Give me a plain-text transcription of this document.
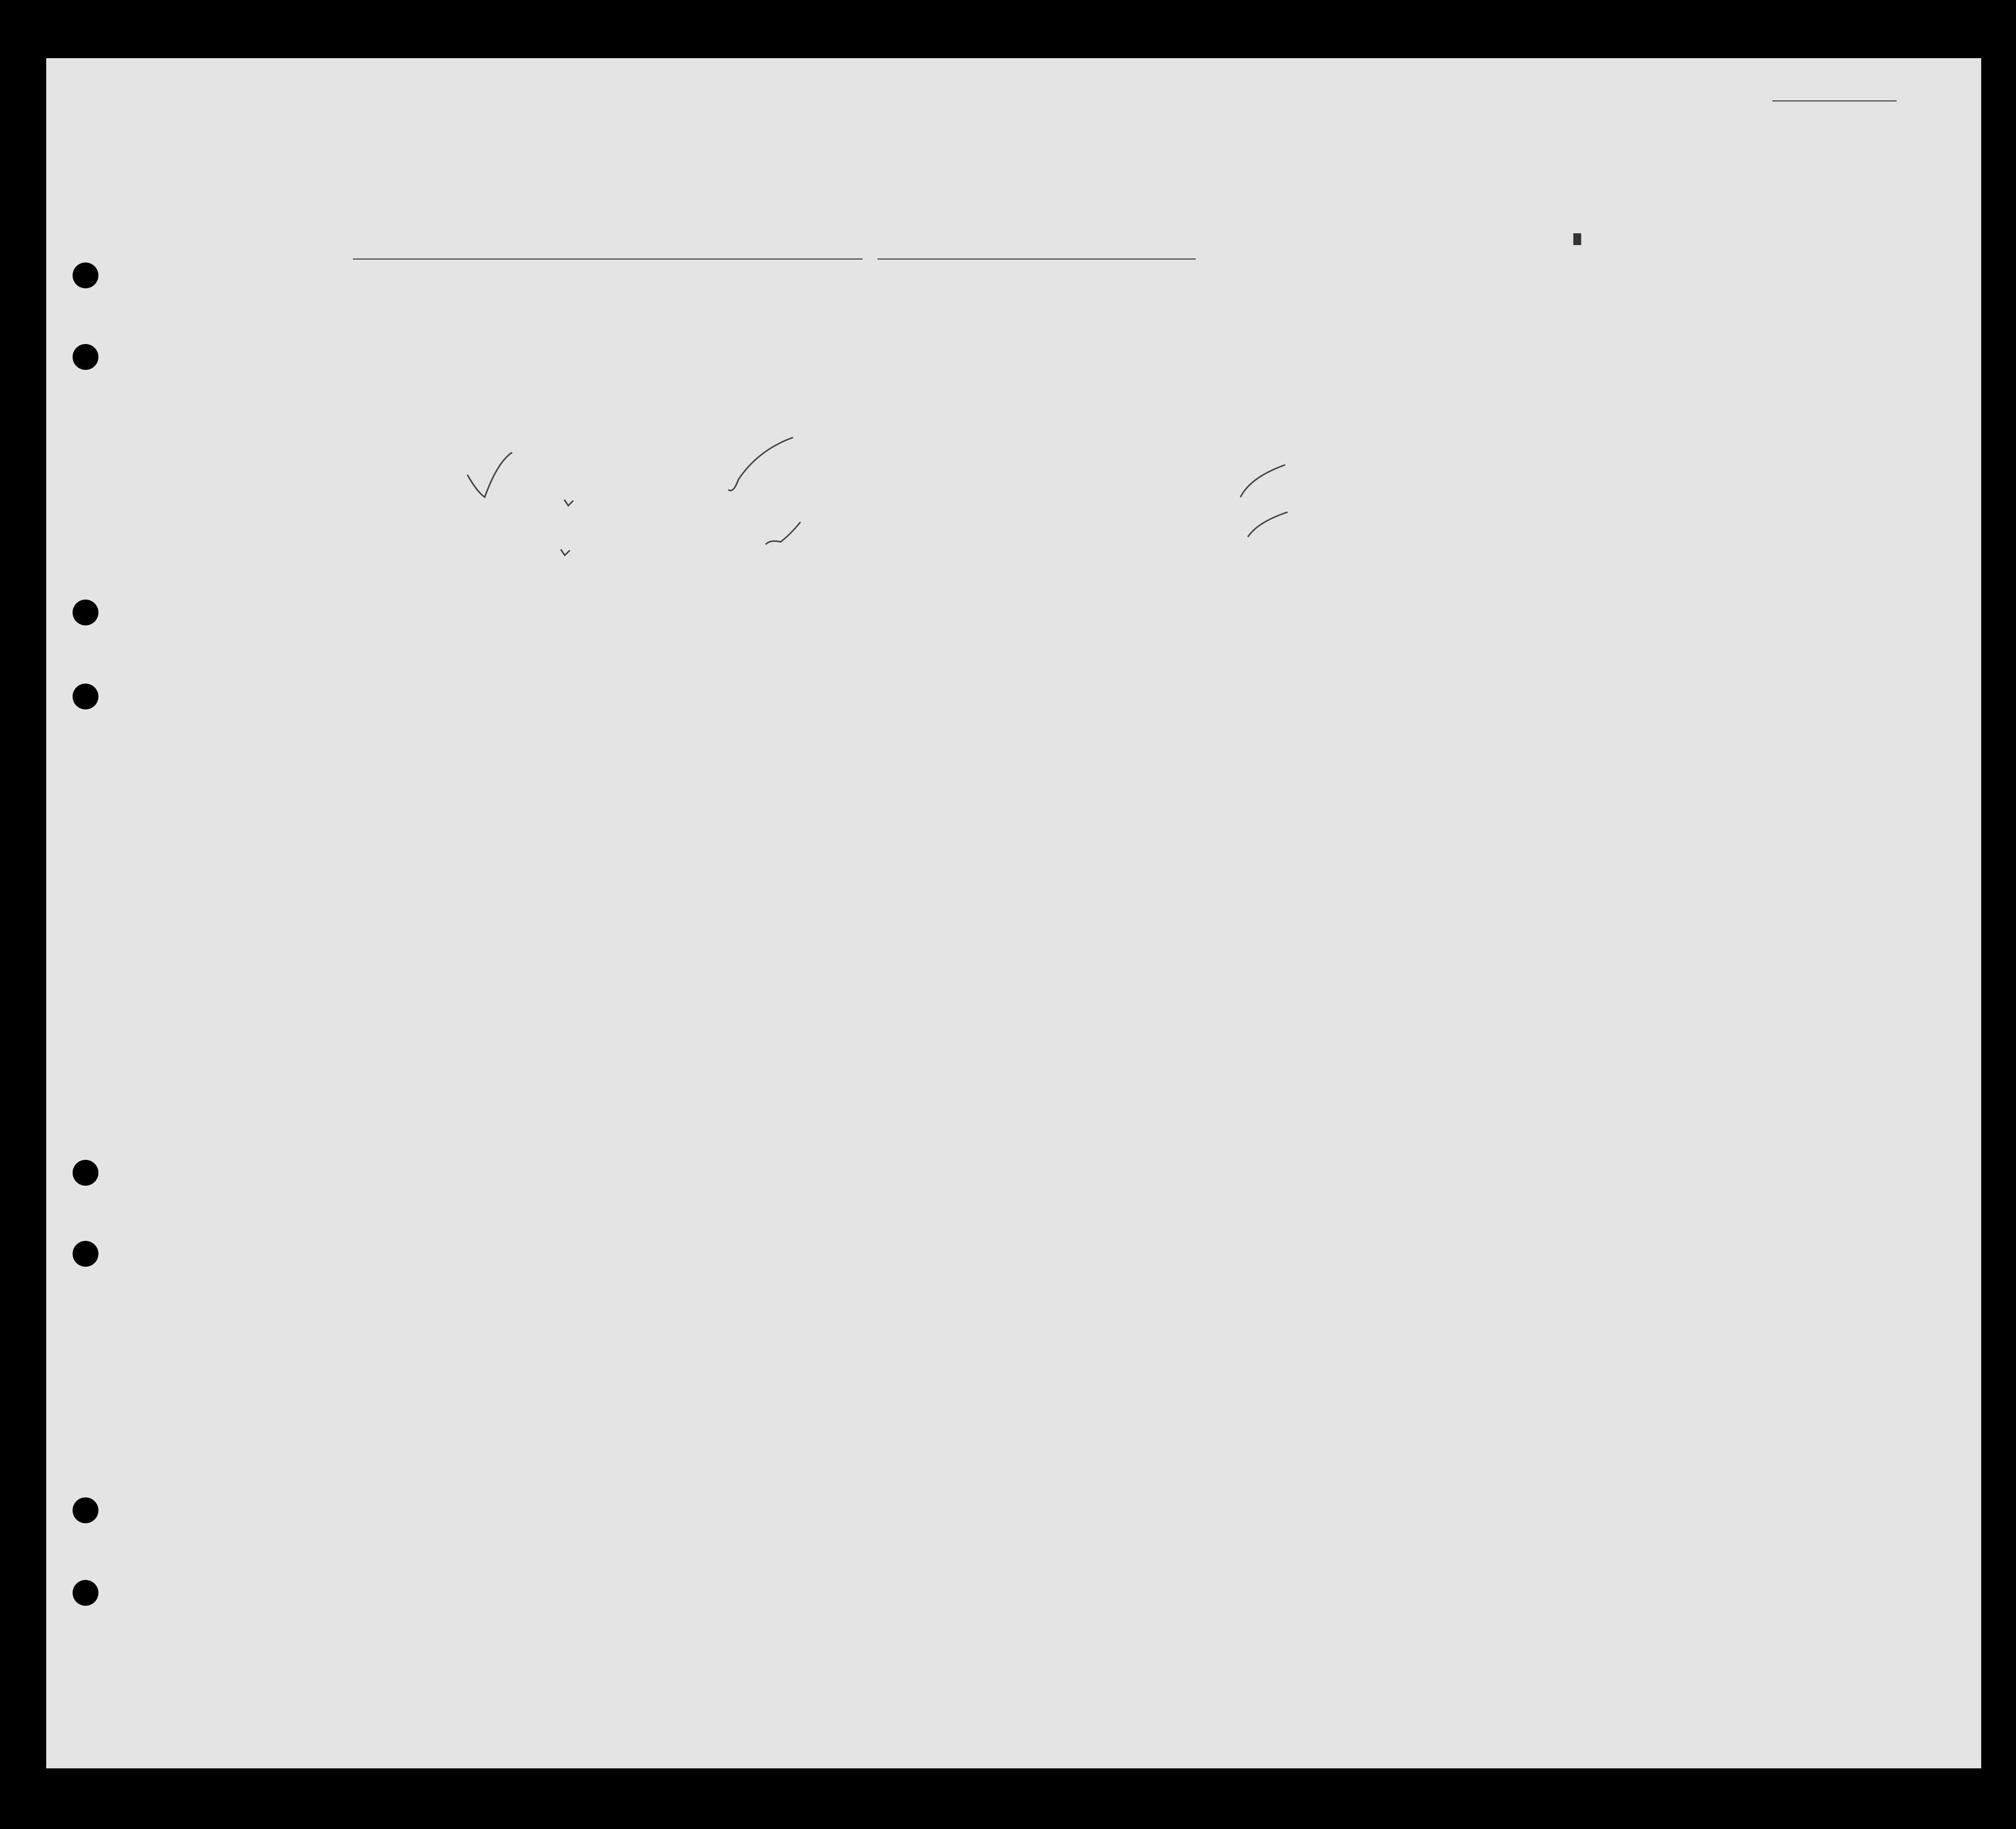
▘
